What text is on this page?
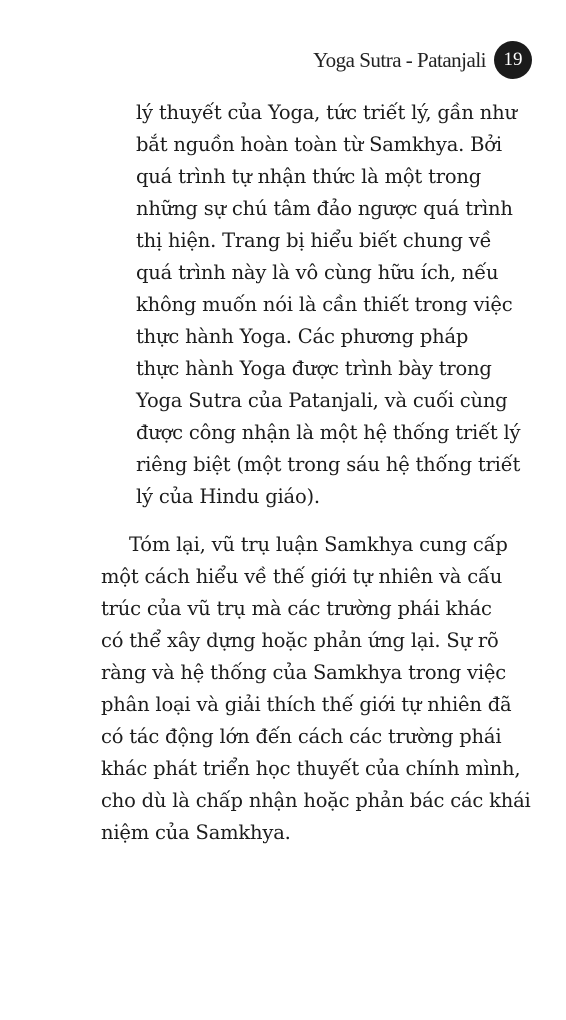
Yoga Sutra - Patanjali 19
lý thuyết của Yoga, tức triết lý, gần như
bắt nguồn hoàn toàn từ Samkhya. Bởi
quá trình tự nhận thức là một trong
những sự chú tâm đảo ngược quá trình
thị hiện. Trang bị hiểu biết chung về
quá trình này là vô cùng hữu ích, nếu
không muốn nói là cần thiết trong việc
thực hành Yoga. Các phương pháp
thực hành Yoga được trình bày trong
Yoga Sutra của Patanjali, và cuối cùng
được công nhận là một hệ thống triết lý
riêng biệt (một trong sáu hệ thống triết
lý của Hindu giáo).
Tóm lại, vũ trụ luận Samkhya cung cấp
một cách hiểu về thế giới tự nhiên và cấu
trúc của vũ trụ mà các trường phái khác
có thể xây dựng hoặc phản ứng lại. Sự rõ
ràng và hệ thống của Samkhya trong việc
phân loại và giải thích thế giới tự nhiên đã
có tác động lớn đến cách các trường phái
khác phát triển học thuyết của chính mình,
cho dù là chấp nhận hoặc phản bác các khái
niệm của Samkhya.
